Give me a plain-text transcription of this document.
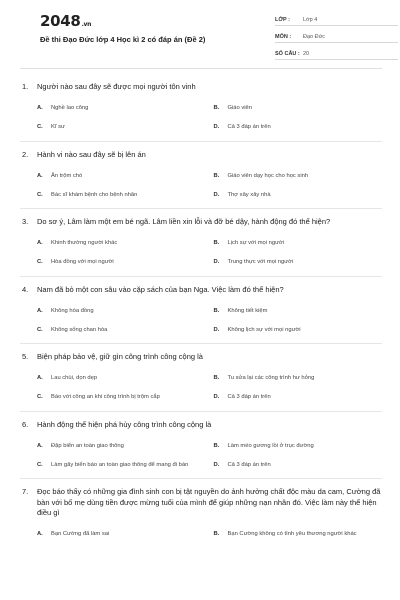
2048.vn
Đề thi Đạo Đức lớp 4 Học kì 2 có đáp án (Đề 2)
LỚP :	Lớp 4
MÔN :	Đạo Đức
SỐ CÂU : 20
1.	Người nào sau đây sẽ được mọi người tôn vinh
A.	Nghề lao công	B.	Giáo viên
C.	Kĩ sư	D.	Cả 3 đáp án trên
2.	Hành vi nào sau đây sẽ bị lên án
A.	Ăn trộm chó	B.	Giáo viên dạy học cho học sinh
C.	Bác sĩ khám bệnh cho bệnh nhân	D.	Thợ xây xây nhà
3.	Do sơ ý, Lâm làm một em bé ngã. Lâm liền xin lỗi và đỡ bé dậy, hành động đó thể hiện?
A.	Khinh thường người khác	B.	Lịch sự với mọi người
C.	Hòa đồng với mọi người	D.	Trung thực với mọi người
4.	Nam đã bỏ một con sâu vào cặp sách của bạn Nga. Việc làm đó thể hiện?
A.	Không hòa đồng	B.	Không tiết kiệm
C.	Không sống chan hòa	D.	Không lịch sự với mọi người
5.	Biện pháp bảo vệ, giữ gìn công trình công cộng là
A.	Lau chùi, dọn dẹp	B.	Tu sửa lại các công trình hư hỏng
C.	Báo với công an khi công trình bị trộm cắp	D.	Cả 3 đáp án trên
6.	Hành động thể hiện phá hủy công trình công cộng là
A.	Đặp biển an toàn giao thông	B.	Làm méo gương lồi ở trục đường
C.	Làm gãy biển báo an toàn giao thông để mang đi bán	D.	Cả 3 đáp án trên
7.	Đọc báo thấy có những gia đình sinh con bị tật nguyền do ảnh hưởng chất độc màu da cam, Cường đã bàn với bố mẹ dùng tiền được mừng tuổi của mình để giúp những nạn nhân đó. Việc làm này thể hiện điều gì
A.	Bạn Cường đã làm sai	B.	Bạn Cường không có tình yêu thương người khác
